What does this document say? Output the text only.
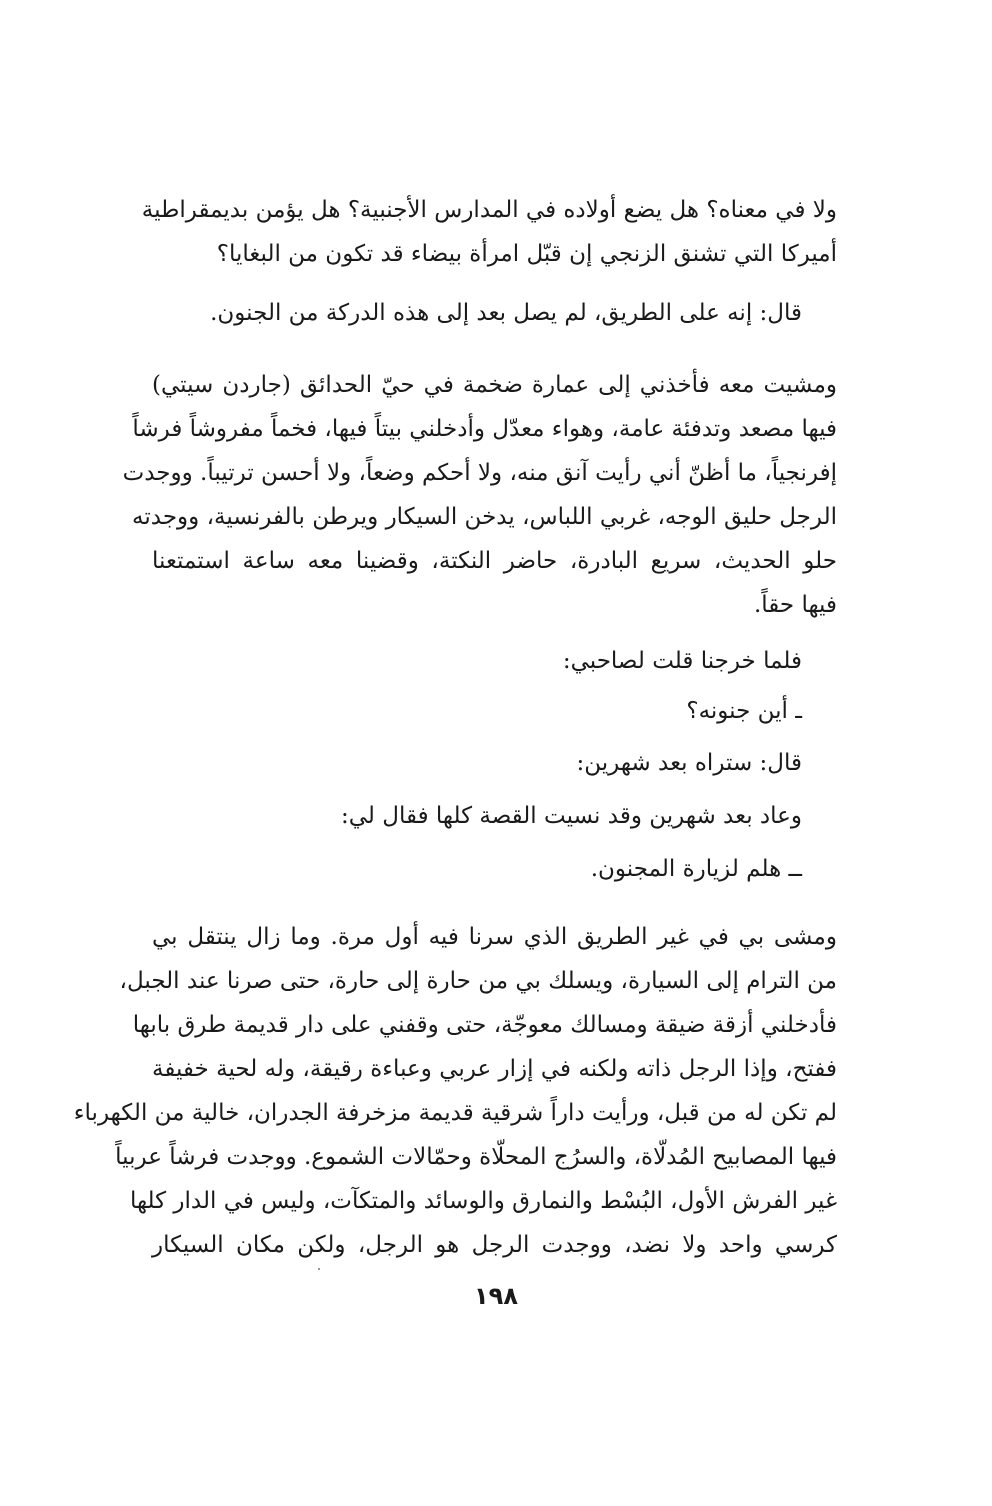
ولا في معناه؟ هل يضع أولاده في المدارس الأجنبية؟ هل يؤمن بديمقراطية
أميركا التي تشنق الزنجي إن قبّل امرأة بيضاء قد تكون من البغايا؟
قال: إنه على الطريق، لم يصل بعد إلى هذه الدركة من الجنون.
ومشيت معه فأخذني إلى عمارة ضخمة في حيّ الحدائق (جاردن سيتي)
فيها مصعد وتدفئة عامة، وهواء معدّل وأدخلني بيتاً فيها، فخماً مفروشاً فرشاً
إفرنجياً، ما أظنّ أني رأيت آنق منه، ولا أحكم وضعاً، ولا أحسن ترتيباً. ووجدت
الرجل حليق الوجه، غربي اللباس، يدخن السيكار ويرطن بالفرنسية، ووجدته
حلو الحديث، سريع البادرة، حاضر النكتة، وقضينا معه ساعة استمتعنا
فيها حقاً.
فلما خرجنا قلت لصاحبي:
ـ أين جنونه؟
قال: ستراه بعد شهرين:
وعاد بعد شهرين وقد نسيت القصة كلها فقال لي:
ــ هلم لزيارة المجنون.
ومشى بي في غير الطريق الذي سرنا فيه أول مرة. وما زال ينتقل بي
من الترام إلى السيارة، ويسلك بي من حارة إلى حارة، حتى صرنا عند الجبل،
فأدخلني أزقة ضيقة ومسالك معوجّة، حتى وقفني على دار قديمة طرق بابها
ففتح، وإذا الرجل ذاته ولكنه في إزار عربي وعباءة رقيقة، وله لحية خفيفة
لم تكن له من قبل، ورأيت داراً شرقية قديمة مزخرفة الجدران، خالية من الكهرباء
فيها المصابيح المُدلّاة، والسرُج المحلّاة وحمّالات الشموع. ووجدت فرشاً عربياً
غير الفرش الأول، البُسْط والنمارق والوسائد والمتكآت، وليس في الدار كلها
كرسي واحد ولا نضد، ووجدت الرجل هو الرجل، ولكن مكان السيكار
١٩٨
